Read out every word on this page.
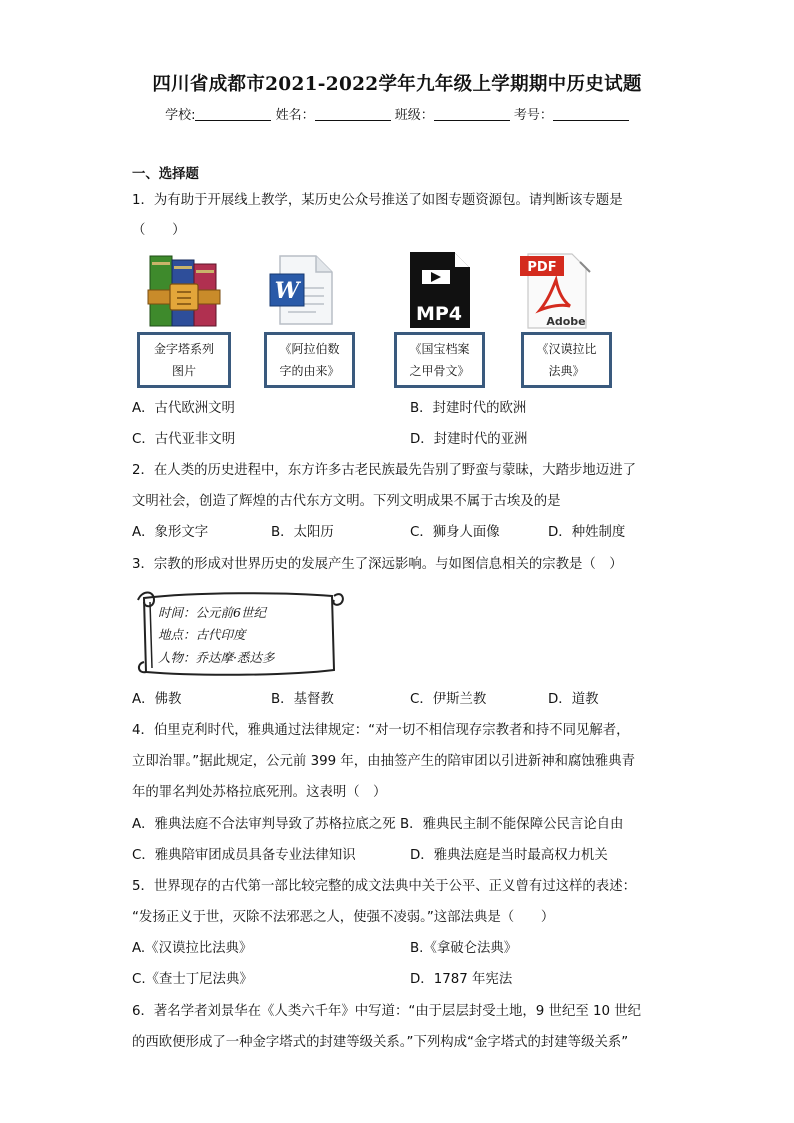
四川省成都市2021-2022学年九年级上学期期中历史试题
学校:	姓名：	班级：	考号：
一、选择题
1．为有助于开展线上教学，某历史公众号推送了如图专题资源包。请判断该专题是
（　　）
W
MP4
PDF
Adobe
金字塔系列
图片
《阿拉伯数
字的由来》
《国宝档案
之甲骨文》
《汉谟拉比
法典》
A．古代欧洲文明	B．封建时代的欧洲
C．古代亚非文明	D．封建时代的亚洲
2．在人类的历史进程中，东方许多古老民族最先告别了野蛮与蒙昧，大踏步地迈进了
文明社会，创造了辉煌的古代东方文明。下列文明成果不属于古埃及的是
A．象形文字	B．太阳历	C．狮身人面像	D．种姓制度
3．宗教的形成对世界历史的发展产生了深远影响。与如图信息相关的宗教是（　）
时间：公元前6世纪
地点：古代印度
人物：乔达摩·悉达多
A．佛教	B．基督教	C．伊斯兰教	D．道教
4．伯里克利时代，雅典通过法律规定：“对一切不相信现存宗教者和持不同见解者，
立即治罪。”据此规定，公元前 399 年，由抽签产生的陪审团以引进新神和腐蚀雅典青
年的罪名判处苏格拉底死刑。这表明（　）
A．雅典法庭不合法审判导致了苏格拉底之死 B．雅典民主制不能保障公民言论自由
C．雅典陪审团成员具备专业法律知识	D．雅典法庭是当时最高权力机关
5．世界现存的古代第一部比较完整的成文法典中关于公平、正义曾有过这样的表述：
“发扬正义于世，灭除不法邪恶之人，使强不凌弱。”这部法典是（　　）
A.《汉谟拉比法典》	B.《拿破仑法典》
C.《查士丁尼法典》	D．1787 年宪法
6．著名学者刘景华在《人类六千年》中写道：“由于层层封受土地，9 世纪至 10 世纪
的西欧便形成了一种金字塔式的封建等级关系。”下列构成“金字塔式的封建等级关系”
